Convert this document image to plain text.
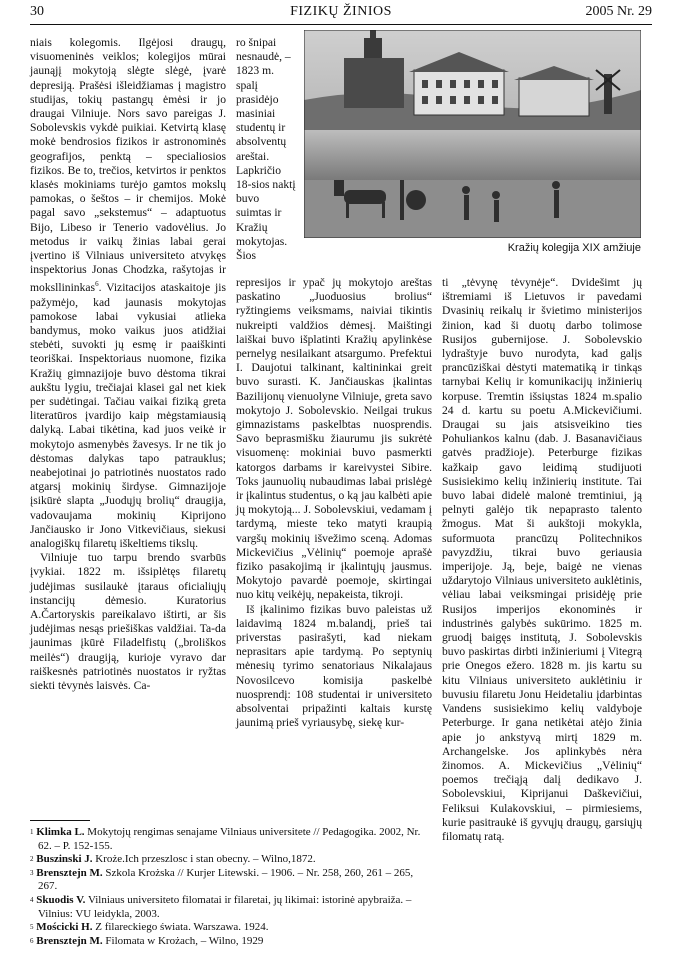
30	FIZIKŲ ŽINIOS	2005 Nr. 29

niais kolegomis. Ilgėjosi draugų, visuomeninės veiklos; kolegijos mūrai jaunąjį mokytoją slėgte slėgė, įvarė depresiją. Prašėsi išleidžiamas į magistro studijas, tokių pastangų ėmėsi ir jo draugai Vilniuje. Nors savo pareigas J. Sobolevskis vykdė puikiai. Ketvirtą klasę mokė bendrosios fizikos ir astronominės geografijos, penktą – specialiosios fizikos. Be to, trečios, ketvirtos ir penktos klasės mokiniams turėjo gamtos mokslų pamokas, o šeštos – ir chemijos. Mokė pagal savo „sekstemus“ – adaptuotus Bijo, Libeso ir Tenerio vadovėlius. Jo metodus ir vaikų žinias labai gerai įvertino iš Vilniaus universiteto atvykęs inspektorius Jonas Chodzka, rašytojas ir moksllininkas$^6$. Vizitacijos ataskaitoje jis pažymėjo, kad jaunasis mokytojas pamokose labai vykusiai atlieka bandymus, moko vaikus juos atidžiai stebėti, suvokti jų esmę ir paaiškinti teoriškai. Inspektoriaus nuomone, fizika Kražių gimnazijoje buvo dėstoma tikrai aukštu lygiu, trečiajai klasei gal net kiek per sudėtingai. Tačiau vaikai fiziką greta literatūros įvardijo kaip mėgstamiausią dalyką. Labai tikėtina, kad juos veikė ir mokytojo asmenybės žavesys. Ir ne tik jo dėstomas dalykas tapo patrauklus; neabejotinai jo patriotinės nuostatos rado atgarsį mokinių širdyse. Gimnazijoje įsikūrė slapta „Juodųjų brolių“ draugija, vadovaujama mokinių Kiprijono Jančiausko ir Jono Vitkevičiaus, siekusi analogiškų filaretų iškeltiems tikslų.

Vilniuje tuo tarpu brendo svarbūs įvykiai. 1822 m. išsiplėtęs filaretų judėjimas susilaukė įtaraus oficialiųjų instancijų dėmesio. Kuratorius A.Čartoryskis pareikalavo ištirti, ar šis judėjimas nesąs priešiškas valdžiai. Ta-da jaunimas įkūrė Filadelfistų („broliškos meilės“) draugiją, kurioje vyravo dar raiškesnės patriotinės nuostatos ir ryžtas siekti tėvynės laisvės. Ca-

ro šnipai nesnaudė, – 1823 m. spalį prasidėjo masiniai studentų ir absolventų areštai. Lapkričio 18-sios naktį buvo suimtas ir Kražių mokytojas. Šios

Kražių kolegija XIX amžiuje

represijos ir ypač jų mokytojo areštas paskatino „Juoduosius brolius“ ryžtingiems veiksmams, naiviai tikintis nukreipti valdžios dėmesį. Maištingi laiškai buvo išplatinti Kražių apylinkėse pernelyg nesilaikant atsargumo. Prefektui I. Daujotui talkinant, kaltininkai greit buvo surasti. K. Jančiauskas įkalintas Bazilijonų vienuolyne Vilniuje, greta savo mokytojo J. Sobolevskio. Neilgai trukus gimnazistams paskelbtas nuosprendis. Savo beprasmišku žiaurumu jis sukrėtė visuomenę: mokiniai buvo pasmerkti katorgos darbams ir kareivystei Sibire. Toks jaunuolių nubaudimas labai prislėgė ir įkalintus studentus, o ką jau kalbėti apie jų mokytoją... J. Sobolevskiui, vedamam į tardymą, mieste teko matyti kraupią vargšų mokinių išvežimo sceną. Adomas Mickevičius „Vėlinių“ poemoje aprašė fiziko pasakojimą ir įkalintųjų jausmus. Mokytojo pavardė poemoje, skirtingai nuo kitų veikėjų, nepakeista, tikroji.

Iš įkalinimo fizikas buvo paleistas už laidavimą 1824 m.balandį, prieš tai priverstas pasirašyti, kad niekam neprasitars apie tardymą. Po septynių mėnesių tyrimo senatoriaus Nikalajaus Novosilcevo komisija paskelbė nuosprendį: 108 studentai ir universiteto absolventai pripažinti kaltais kurstę jaunimą prieš vyriausybę, siekę kur-

ti „tėvynę tėvynėje“. Dvidešimt jų ištremiami iš Lietuvos ir pavedami Dvasinių reikalų ir švietimo ministerijos žinion, kad ši duotų darbo tolimose Rusijos gubernijose. J. Sobolevskio lydraštyje buvo nurodyta, kad galįs prancūziškai dėstyti matematiką ir tinkąs tarnybai Kelių ir komunikacijų inžinierių korpuse. Tremtin išsiųstas 1824 m.spalio 24 d. kartu su poetu A.Mickevičiumi. Draugai su jais atsisveikino ties Pohuliankos kalnu (dab. J. Basanavičiaus gatvės pradžioje). Peterburge fizikas kažkaip gavo leidimą studijuoti Susisiekimo kelių inžinierių institute. Tai buvo labai didelė malonė tremtiniui, ją pelnyti galėjo tik nepaprasto talento žmogus. Mat ši aukštoji mokykla, suformuota prancūzų Politechnikos pavyzdžiu, tikrai buvo geriausia imperijoje. Ją, beje, baigė ne vienas uždarytojo Vilniaus universiteto auklėtinis, vėliau labai veiksmingai prisidėję prie Rusijos imperijos ekonominės ir industrinės galybės sukūrimo. 1825 m. gruodį baigęs institutą, J. Sobolevskis buvo paskirtas dirbti inžinieriumi į Vitegrą prie Onegos ežero. 1828 m. jis kartu su kitu Vilniaus universiteto auklėtiniu ir buvusiu filaretu Jonu Heidetaliu įdarbintas Vandens susisiekimo kelių valdyboje Peterburge. Ir gana netikėtai atėjo žinia apie jo ankstyvą mirtį 1829 m. Archangelske. Jos aplinkybės nėra žinomos. A. Mickevičius „Vėlinių“ poemos trečiąją dalį dedikavo J. Sobolevskiui, Kiprijanui Daškevičiui, Feliksui Kulakovskiui, – pirmiesiems, kurie pasitraukė iš gyvųjų draugų, garsiųjų filomatų ratą.

$^1$ Klimka L. Mokytojų rengimas senajame Vilniaus universitete // Pedagogika. 2002, Nr. 62. – P. 152-155.

$^2$ Buszinski J. Kroże.Ich przeszlosc i stan obecny. – Wilno,1872.

$^3$ Brensztejn M. Szkola Krożska // Kurjer Litewski. – 1906. – Nr. 258, 260, 261 – 265, 267.

$^4$ Skuodis V. Vilniaus universiteto filomatai ir filaretai, jų likimai: istorinė apybraiža. – Vilnius: VU leidykla, 2003.

$^5$ Mościcki H. Z filareckiego świata. Warszawa. 1924.

$^6$ Brensztejn M. Filomata w Krożach, – Wilno, 1929
